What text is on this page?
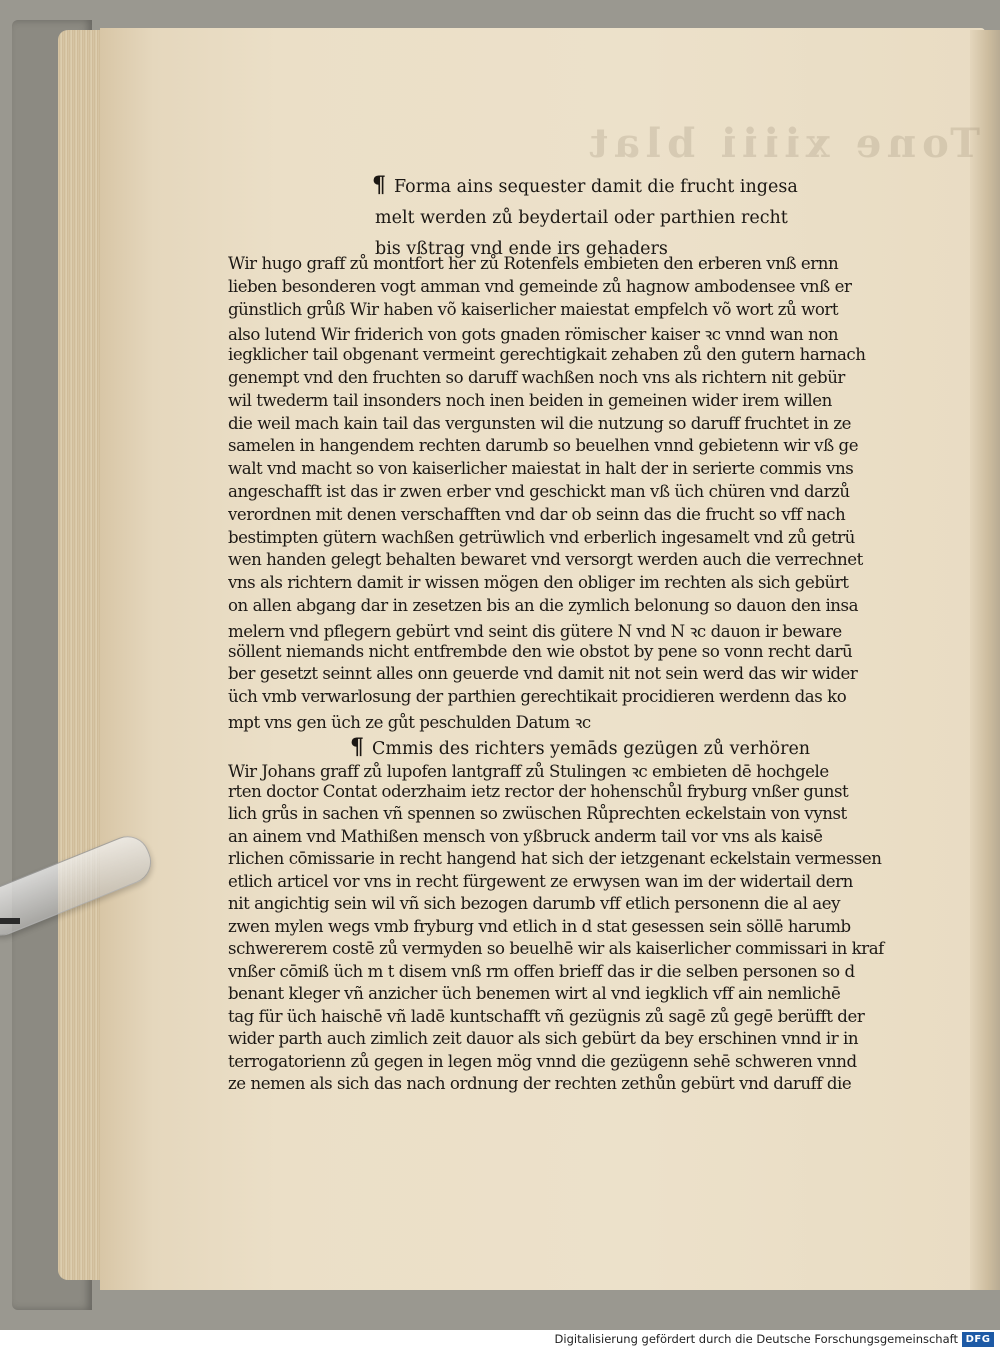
Tone xiiii blat
¶ Forma ains sequester damit die frucht ingesa
melt werden zů beydertail oder parthien recht
bis vßtrag vnd ende irs gehaders
Wir hugo graff zů montfort her zů Rotenfels embieten den erberen vnß ernn
lieben besonderen vogt amman vnd gemeinde zů hagnow ambodensee vnß er
günstlich grůß Wir haben võ kaiserlicher maiestat empfelch võ wort zů wort
also lutend Wir friderich von gots gnaden römischer kaiser ꝛc vnnd wan non
iegklicher tail obgenant vermeint gerechtigkait zehaben zů den gutern harnach
genempt vnd den fruchten so daruff wachßen noch vns als richtern nit gebür
wil twederm tail insonders noch inen beiden in gemeinen wider irem willen
die weil mach kain tail das vergunsten wil die nutzung so daruff fruchtet in ze
samelen in hangendem rechten darumb so beuelhen vnnd gebietenn wir vß ge
walt vnd macht so von kaiserlicher maiestat in halt der in serierte commis vns
angeschafft ist das ir zwen erber vnd geschickt man vß üch chüren vnd darzů
verordnen mit denen verschafften vnd dar ob seinn das die frucht so vff nach
bestimpten gütern wachßen getrüwlich vnd erberlich ingesamelt vnd zů getrü
wen handen gelegt behalten bewaret vnd versorgt werden auch die verrechnet
vns als richtern damit ir wissen mögen den obliger im rechten als sich gebürt
on allen abgang dar in zesetzen bis an die zymlich belonung so dauon den insa
melern vnd pflegern gebürt vnd seint dis gütere N vnd N ꝛc dauon ir beware
söllent niemands nicht entfrembde den wie obstot by pene so vonn recht darū
ber gesetzt seinnt alles onn geuerde vnd damit nit not sein werd das wir wider
üch vmb verwarlosung der parthien gerechtikait procidieren werdenn das ko
mpt vns gen üch ze gůt peschulden Datum ꝛc
¶ Cmmis des richters yemāds gezügen zů verhören
Wir Johans graff zů lupofen lantgraff zů Stulingen ꝛc embieten dē hochgele
rten doctor Contat oderzhaim ietz rector der hohenschůl fryburg vnßer gunst
lich grůs in sachen vñ spennen so zwüschen Růprechten eckelstain von vynst
an ainem vnd Mathißen mensch von yßbruck anderm tail vor vns als kaisē
rlichen cōmissarie in recht hangend hat sich der ietzgenant eckelstain vermessen
etlich articel vor vns in recht fürgewent ze erwysen wan im der widertail dern
nit angichtig sein wil vñ sich bezogen darumb vff etlich personenn die al aey
zwen mylen wegs vmb fryburg vnd etlich in d stat gesessen sein söllē harumb
schwererem costē zů vermyden so beuelhē wir als kaiserlicher commissari in kraf
vnßer cōmiß üch m t disem vnß rm offen brieff das ir die selben personen so d
benant kleger vñ anzicher üch benemen wirt al vnd iegklich vff ain nemlichē
tag für üch haischē vñ ladē kuntschafft vñ gezügnis zů sagē zů gegē berüfft der
wider parth auch zimlich zeit dauor als sich gebürt da bey erschinen vnnd ir in
terrogatorienn zů gegen in legen mög vnnd die gezügenn sehē schweren vnnd
ze nemen als sich das nach ordnung der rechten zethůn gebürt vnd daruff die
Digitalisierung gefördert durch die Deutsche Forschungsgemeinschaft DFG
